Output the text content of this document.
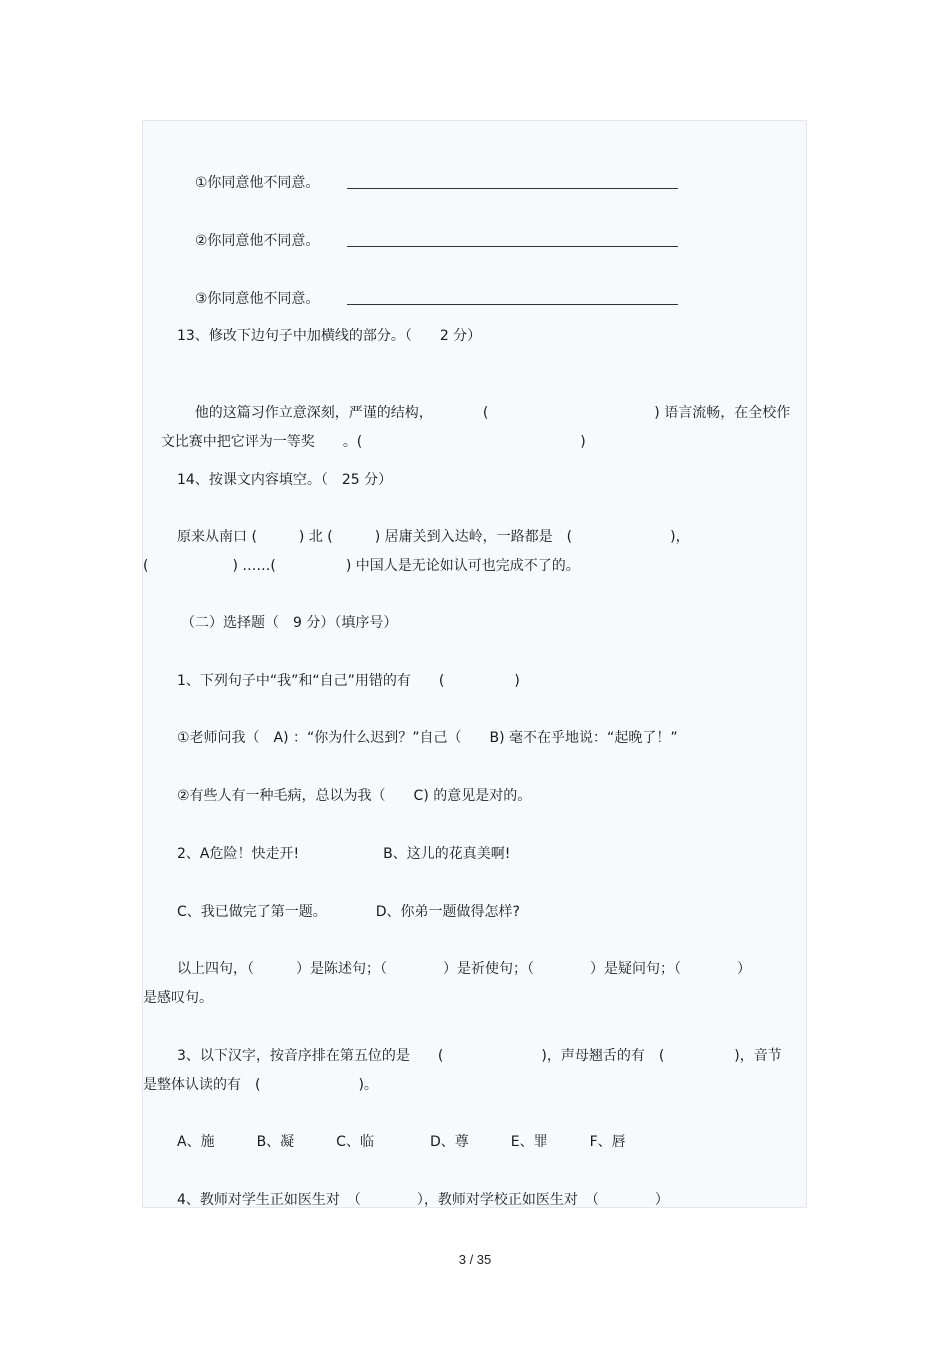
①你同意他不同意。

②你同意他不同意。

③你同意他不同意。

13、修改下边句子中加横线的部分。（　　2 分）

他的这篇习作立意深刻，严谨的结构，	(	) 语言流畅，在全校作

文比赛中把它评为一等奖 。(	)

14、按课文内容填空。（　25 分）
原来从南口 (　　　) 北 (　　　) 居庸关到入达岭，一路都是　(　　　　　　　)，
(　　　　　　) ……(　　　　　) 中国人是无论如认可也完成不了的。
（二）选择题（　9 分）（填序号）
1、下列句子中“我”和“自己”用错的有　　(　　　　　)
①老师问我（　A) ：“你为什么迟到？”自己（　　B) 毫不在乎地说：“起晚了！”
②有些人有一种毛病，总以为我（　　C) 的意见是对的。
2、A危险！快走开!　　　　　　B、这儿的花真美啊!
C、我已做完了第一题。　　　　D、你弟一题做得怎样?
以上四句，（　　　）是陈述句；（　　　　）是祈使句；（　　　　）是疑问句；（　　　　）
是感叹句。
3、以下汉字，按音序排在第五位的是　　(　　　　　　　)，声母翘舌的有　(　　　　　)，音节
是整体认读的有　(　　　　　　　)。
A、施　　　B、凝　　　C、临　　　　D、尊　　　E、罪　　　F、唇
4、教师对学生正如医生对　（　　　　），教师对学校正如医生对　（　　　　）
3 / 35
